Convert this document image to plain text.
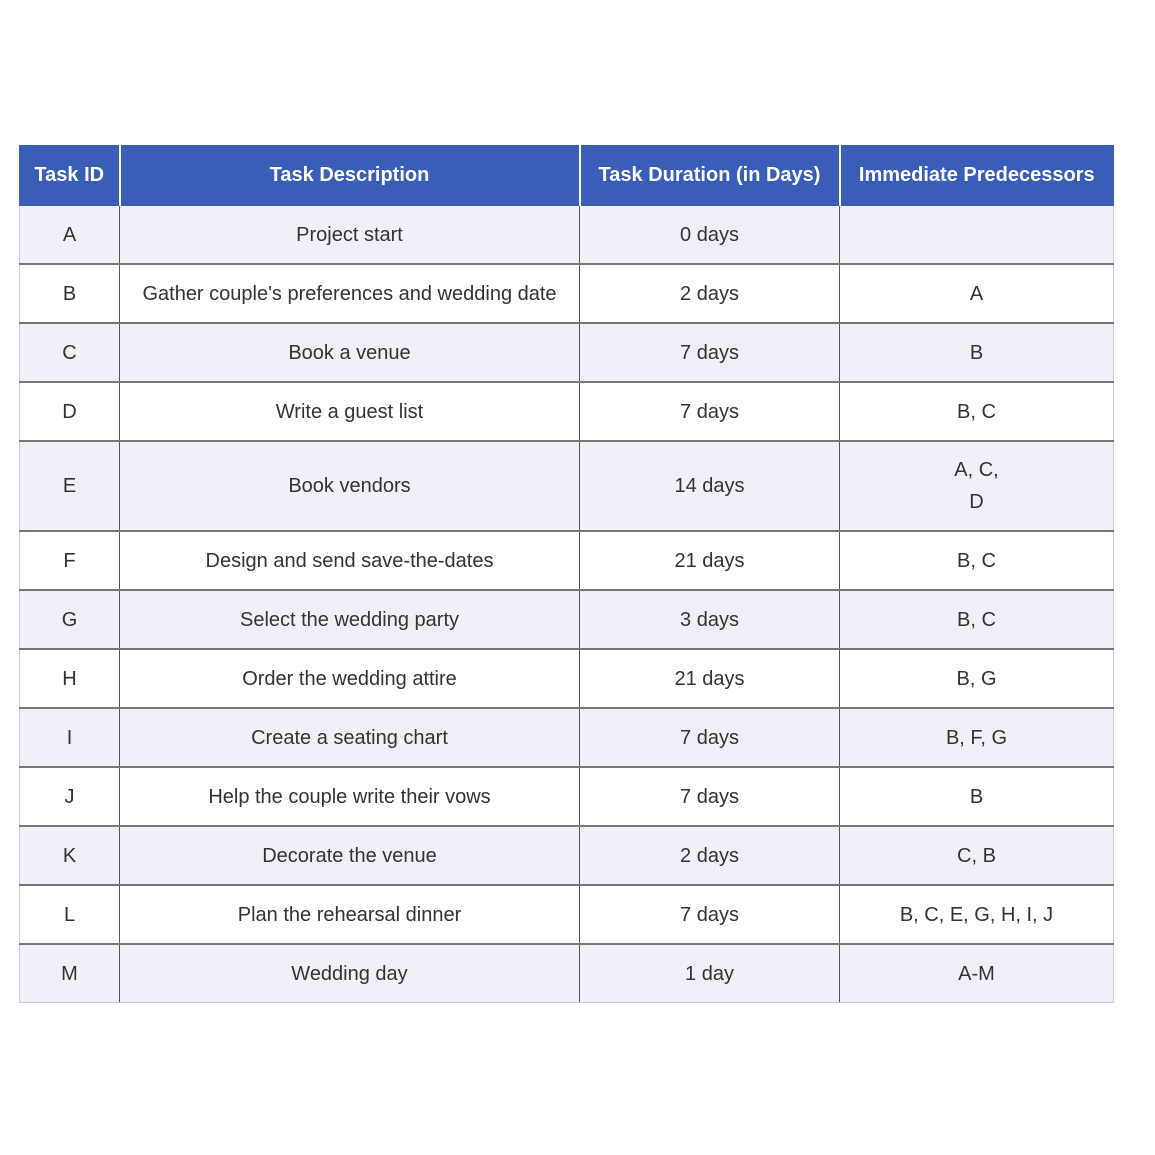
Task ID	Task Description	Task Duration (in Days)	Immediate Predecessors
A	Project start	0 days	
B	Gather couple's preferences and wedding date	2 days	A
C	Book a venue	7 days	B
D	Write a guest list	7 days	B, C
E	Book vendors	14 days	A, C, D
F	Design and send save-the-dates	21 days	B, C
G	Select the wedding party	3 days	B, C
H	Order the wedding attire	21 days	B, G
I	Create a seating chart	7 days	B, F, G
J	Help the couple write their vows	7 days	B
K	Decorate the venue	2 days	C, B
L	Plan the rehearsal dinner	7 days	B, C, E, G, H, I, J
M	Wedding day	1 day	A-M
